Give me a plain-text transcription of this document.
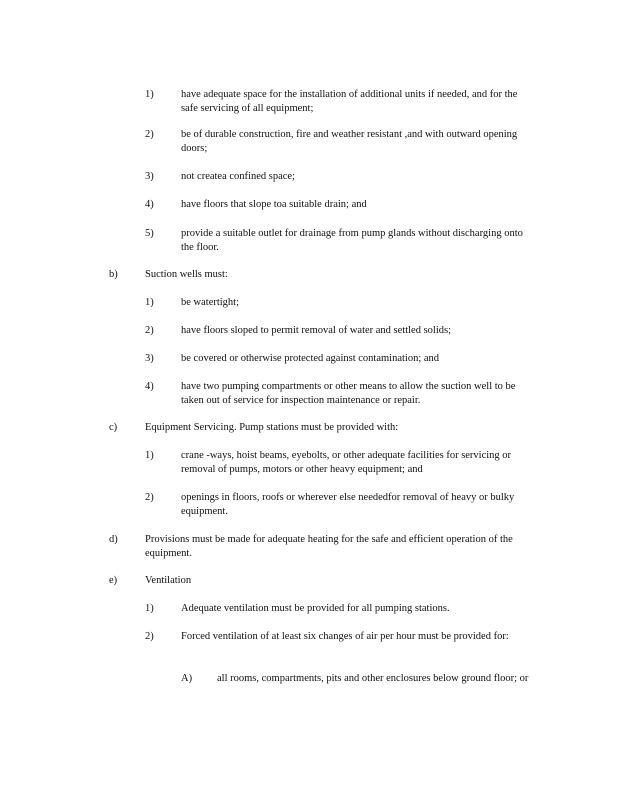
1)	have adequate space for the installation of additional units if needed, and for the safe servicing of all equipment;
2)	be of durable construction, fire and weather resistant ,and with outward opening doors;
3)	not createa confined space;
4)	have floors that slope toa suitable drain; and
5)	provide a suitable outlet for drainage from pump glands without discharging onto the floor.
b)	Suction wells must:
1)	be watertight;
2)	have floors sloped to permit removal of water and settled solids;
3)	be covered or otherwise protected against contamination; and
4)	have two pumping compartments or other means to allow the suction well to be taken out of service for inspection maintenance or repair.
c)	Equipment Servicing. Pump stations must be provided with:
1)	crane -ways, hoist beams, eyebolts, or other adequate facilities for servicing or removal of pumps, motors or other heavy equipment; and
2)	openings in floors, roofs or wherever else neededfor removal of heavy or bulky equipment.
d)	Provisions must be made for adequate heating for the safe and efficient operation of the equipment.
e)	Ventilation
1)	Adequate ventilation must be provided for all pumping stations.
2)	Forced ventilation of at least six changes of air per hour must be provided for:
A) all rooms, compartments, pits and other enclosures below ground floor; or
